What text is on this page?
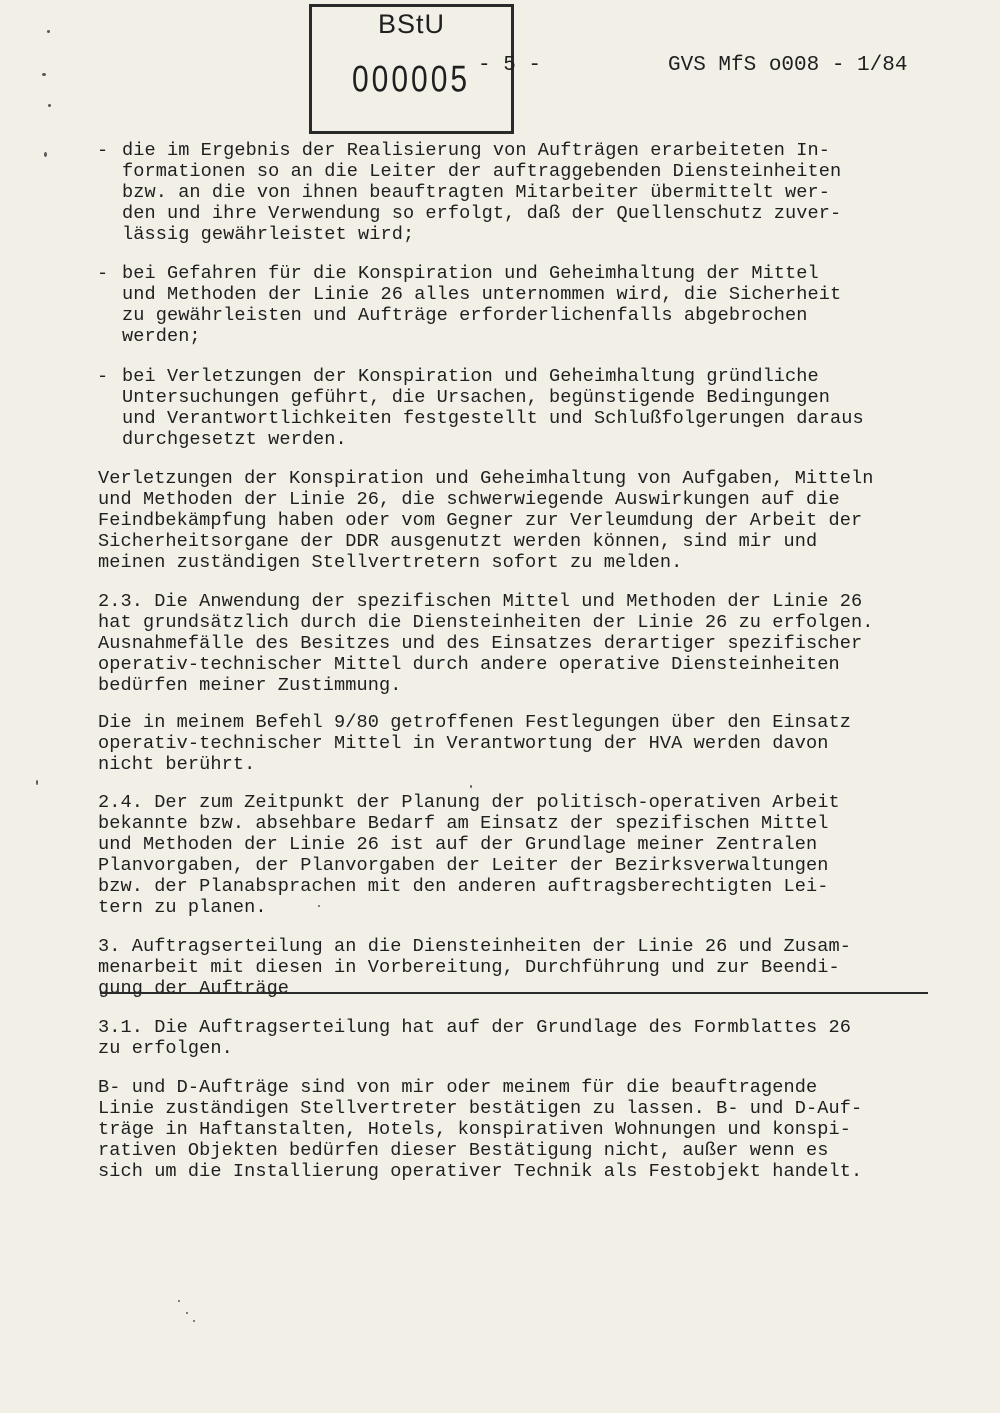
BStU
000005 - 5 -	GVS MfS o008 - 1/84
- die im Ergebnis der Realisierung von Aufträgen erarbeiteten In-
formationen so an die Leiter der auftraggebenden Diensteinheiten
bzw. an die von ihnen beauftragten Mitarbeiter übermittelt wer-
den und ihre Verwendung so erfolgt, daß der Quellenschutz zuver-
lässig gewährleistet wird;

- bei Gefahren für die Konspiration und Geheimhaltung der Mittel
und Methoden der Linie 26 alles unternommen wird, die Sicherheit
zu gewährleisten und Aufträge erforderlichenfalls abgebrochen
werden;

- bei Verletzungen der Konspiration und Geheimhaltung gründliche
Untersuchungen geführt, die Ursachen, begünstigende Bedingungen
und Verantwortlichkeiten festgestellt und Schlußfolgerungen daraus
durchgesetzt werden.

Verletzungen der Konspiration und Geheimhaltung von Aufgaben, Mitteln
und Methoden der Linie 26, die schwerwiegende Auswirkungen auf die
Feindbekämpfung haben oder vom Gegner zur Verleumdung der Arbeit der
Sicherheitsorgane der DDR ausgenutzt werden können, sind mir und
meinen zuständigen Stellvertretern sofort zu melden.

2.3. Die Anwendung der spezifischen Mittel und Methoden der Linie 26
hat grundsätzlich durch die Diensteinheiten der Linie 26 zu erfolgen.
Ausnahmefälle des Besitzes und des Einsatzes derartiger spezifischer
operativ-technischer Mittel durch andere operative Diensteinheiten
bedürfen meiner Zustimmung.

Die in meinem Befehl 9/80 getroffenen Festlegungen über den Einsatz
operativ-technischer Mittel in Verantwortung der HVA werden davon
nicht berührt.

2.4. Der zum Zeitpunkt der Planung der politisch-operativen Arbeit
bekannte bzw. absehbare Bedarf am Einsatz der spezifischen Mittel
und Methoden der Linie 26 ist auf der Grundlage meiner Zentralen
Planvorgaben, der Planvorgaben der Leiter der Bezirksverwaltungen
bzw. der Planabsprachen mit den anderen auftragsberechtigten Lei-
tern zu planen.

3. Auftragserteilung an die Diensteinheiten der Linie 26 und Zusam-
menarbeit mit diesen in Vorbereitung, Durchführung und zur Beendi-
gung der Aufträge

3.1. Die Auftragserteilung hat auf der Grundlage des Formblattes 26
zu erfolgen.

B- und D-Aufträge sind von mir oder meinem für die beauftragende
Linie zuständigen Stellvertreter bestätigen zu lassen. B- und D-Auf-
träge in Haftanstalten, Hotels, konspirativen Wohnungen und konspi-
rativen Objekten bedürfen dieser Bestätigung nicht, außer wenn es
sich um die Installierung operativer Technik als Festobjekt handelt.
